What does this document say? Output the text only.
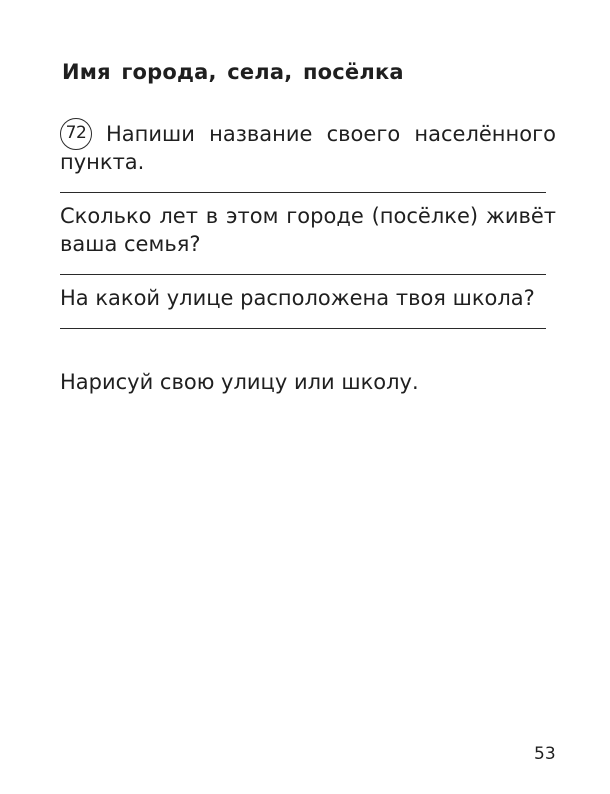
Имя города, села, посёлка
72 Напиши название своего населённого
пункта.
Сколько лет в этом городе (посёлке) живёт
ваша семья?
На какой улице расположена твоя школа?
Нарисуй свою улицу или школу.
53
